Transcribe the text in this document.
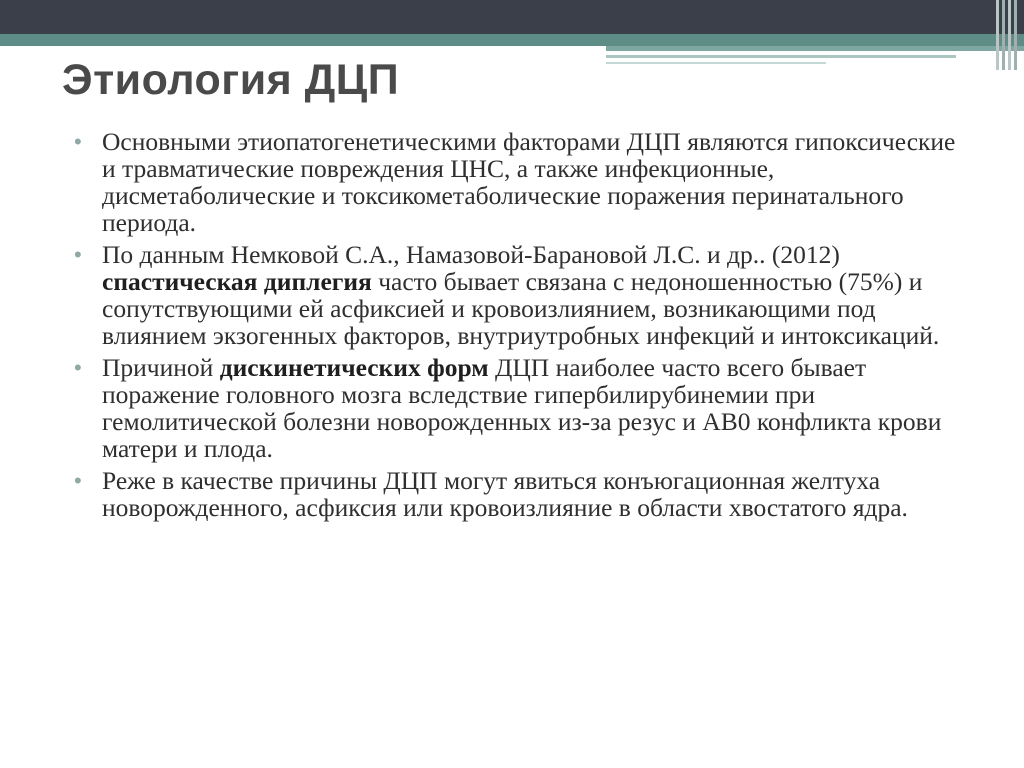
Этиология ДЦП
• Основными этиопатогенетическими факторами ДЦП являются гипоксические и травматические повреждения ЦНС, а также инфекционные, дисметаболические и токсикометаболические поражения перинатального периода.
• По данным Немковой С.А., Намазовой-Барановой Л.С. и др.. (2012) спастическая диплегия часто бывает связана с недоношенностью (75%) и сопутствующими ей асфиксией и кровоизлиянием, возникающими под влиянием экзогенных факторов, внутриутробных инфекций и интоксикаций.
• Причиной дискинетических форм ДЦП наиболее часто всего бывает поражение головного мозга вследствие гипербилирубинемии при гемолитической болезни новорожденных из-за резус и АВ0 конфликта крови матери и плода.
• Реже в качестве причины ДЦП могут явиться конъюгационная желтуха новорожденного, асфиксия или кровоизлияние в области хвостатого ядра.
